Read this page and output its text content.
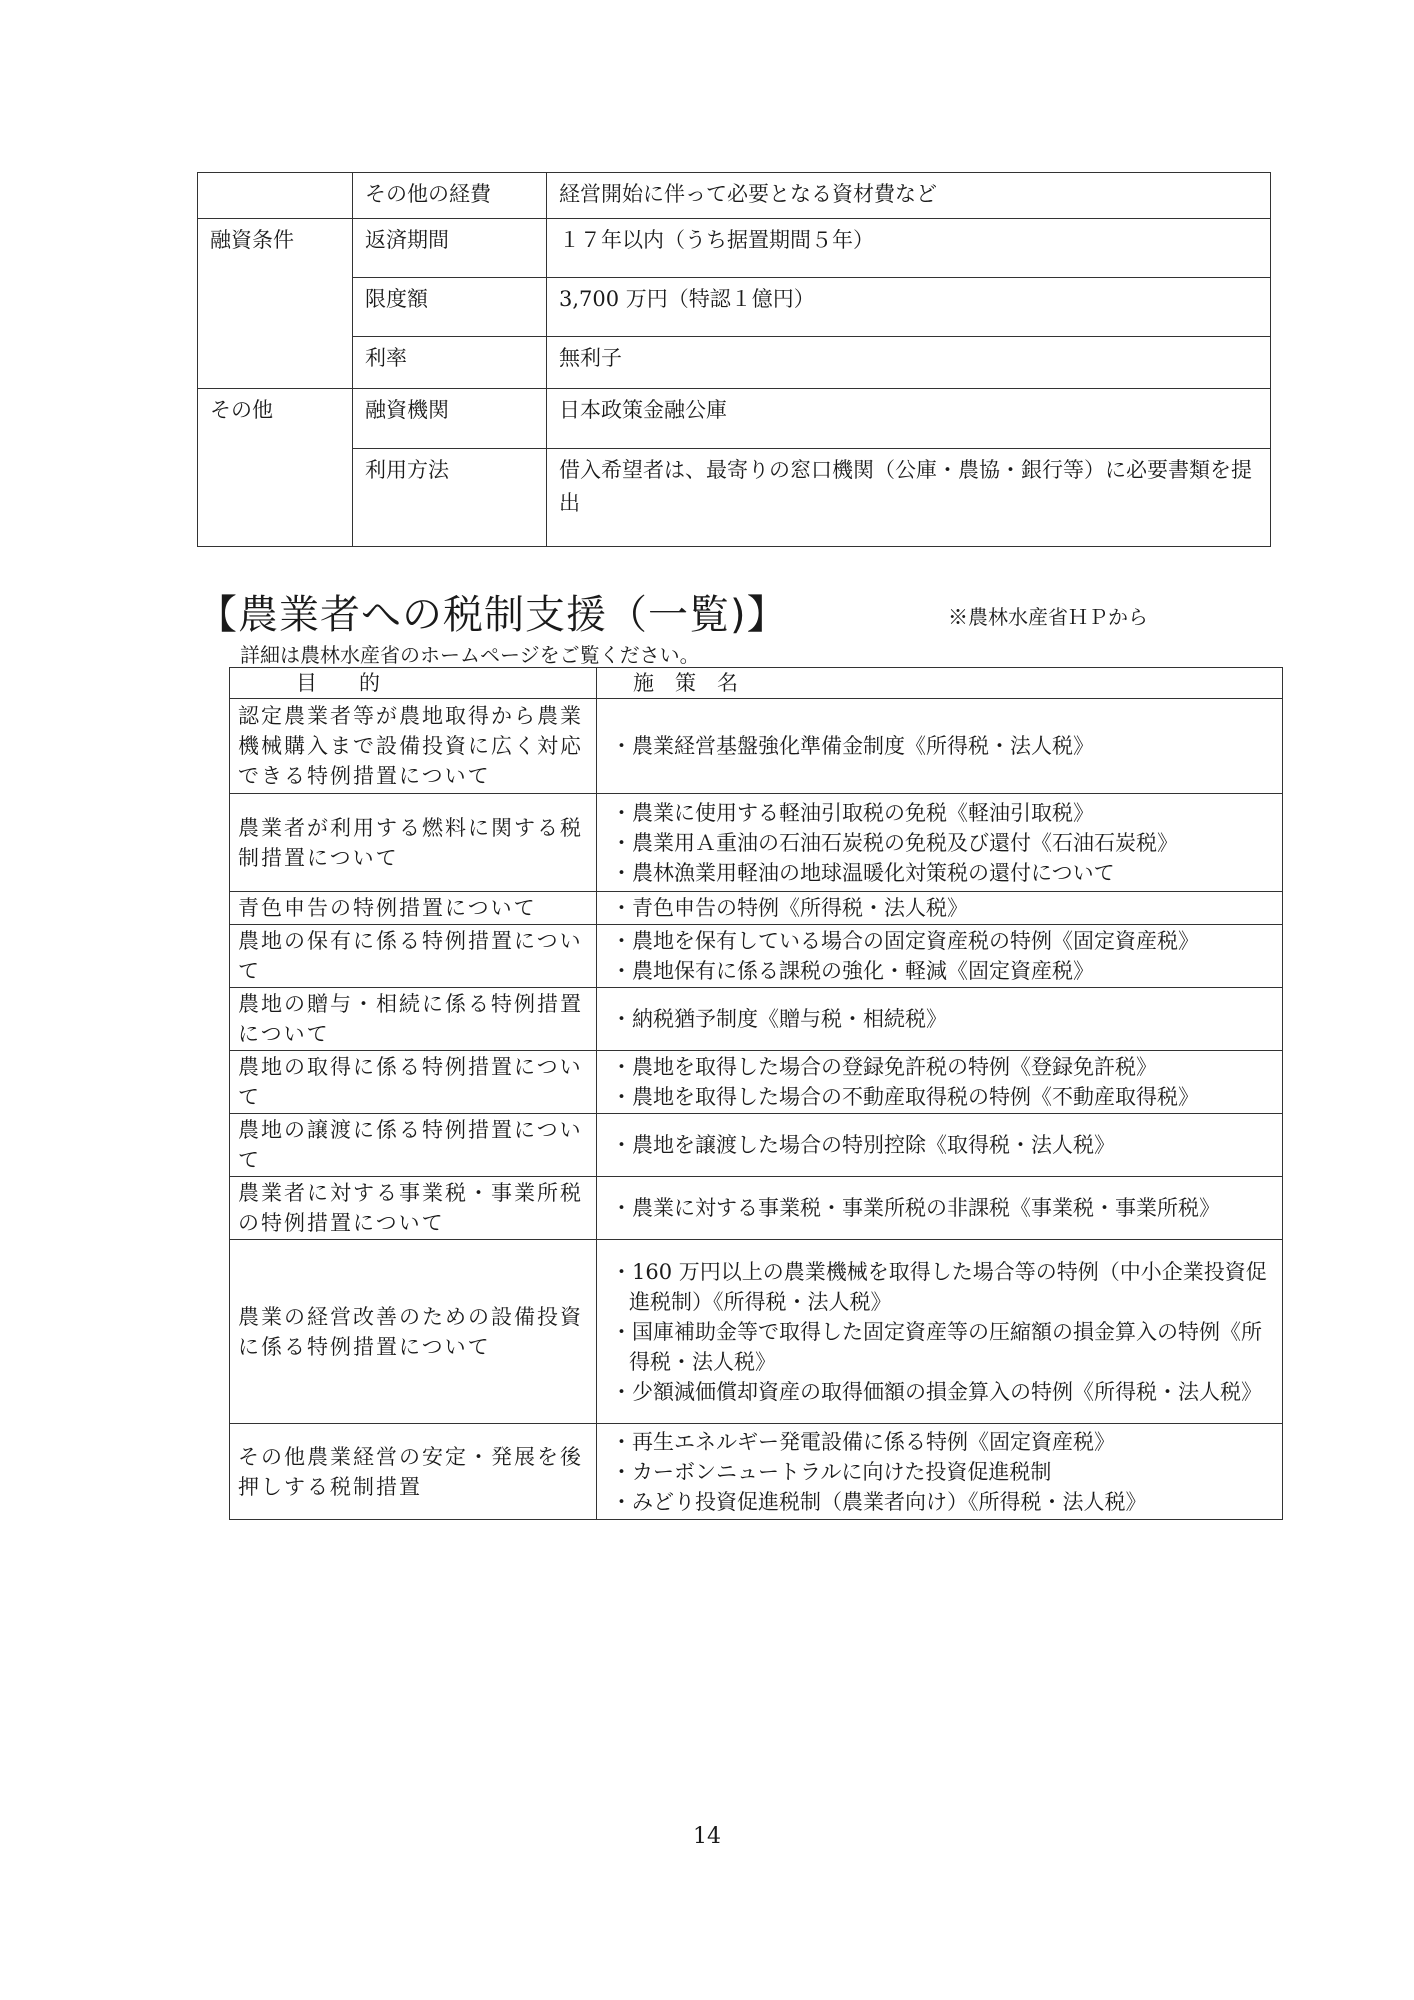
	その他の経費	経営開始に伴って必要となる資材費など
融資条件	返済期間	１７年以内（うち据置期間５年）
	限度額	3,700 万円（特認１億円）
	利率	無利子
その他	融資機関	日本政策金融公庫
	利用方法	借入希望者は、最寄りの窓口機関（公庫・農協・銀行等）に必要書類を提出
【農業者への税制支援（一覧)】	※農林水産省ＨＰから
詳細は農林水産省のホームページをご覧ください。
目　　的	施　策　名
認定農業者等が農地取得から農業機械購入まで設備投資に広く対応できる特例措置について	・農業経営基盤強化準備金制度《所得税・法人税》

農業者が利用する燃料に関する税制措置について	・農業に使用する軽油引取税の免税《軽油引取税》
・農業用Ａ重油の石油石炭税の免税及び還付《石油石炭税》
・農林漁業用軽油の地球温暖化対策税の還付について

青色申告の特例措置について	・青色申告の特例《所得税・法人税》

農地の保有に係る特例措置について	・農地を保有している場合の固定資産税の特例《固定資産税》
・農地保有に係る課税の強化・軽減《固定資産税》

農地の贈与・相続に係る特例措置について	・納税猶予制度《贈与税・相続税》

農地の取得に係る特例措置について	・農地を取得した場合の登録免許税の特例《登録免許税》
・農地を取得した場合の不動産取得税の特例《不動産取得税》

農地の譲渡に係る特例措置について	・農地を譲渡した場合の特別控除《取得税・法人税》

農業者に対する事業税・事業所税の特例措置について	・農業に対する事業税・事業所税の非課税《事業税・事業所税》

農業の経営改善のための設備投資に係る特例措置について	・160 万円以上の農業機械を取得した場合等の特例（中小企業投資促進税制）《所得税・法人税》
・国庫補助金等で取得した固定資産等の圧縮額の損金算入の特例《所得税・法人税》
・少額減価償却資産の取得価額の損金算入の特例《所得税・法人税》

その他農業経営の安定・発展を後押しする税制措置	・再生エネルギー発電設備に係る特例《固定資産税》
・カーボンニュートラルに向けた投資促進税制
・みどり投資促進税制（農業者向け）《所得税・法人税》
14
